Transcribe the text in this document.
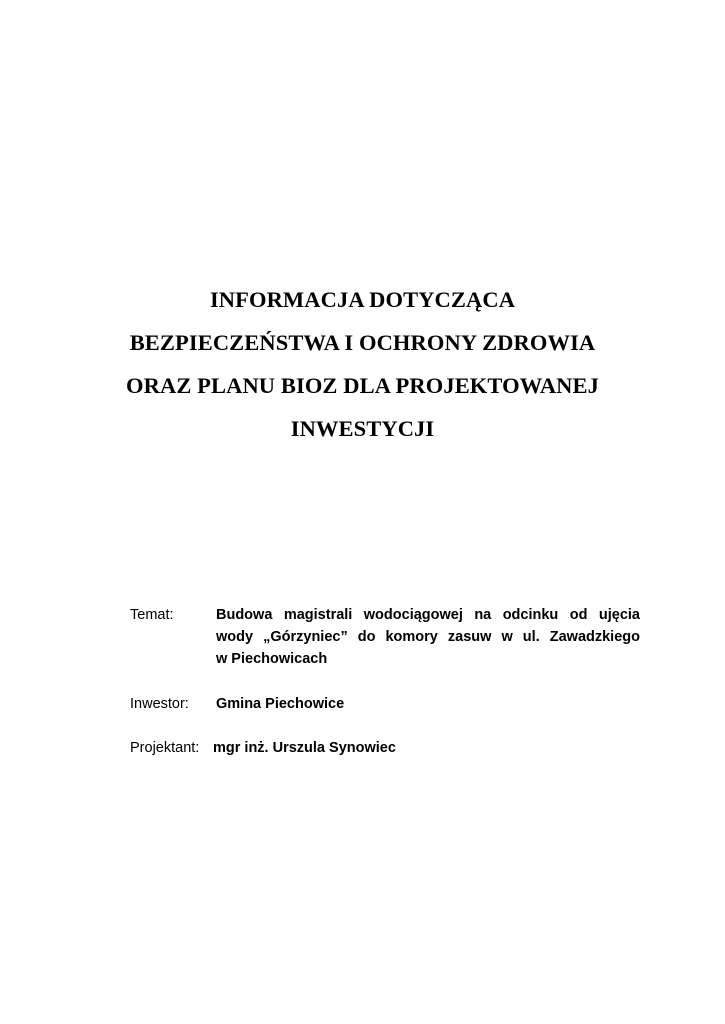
INFORMACJA DOTYCZĄCA
BEZPIECZEŃSTWA I OCHRONY ZDROWIA
ORAZ PLANU BIOZ DLA PROJEKTOWANEJ
INWESTYCJI
Temat:	Budowa magistrali wodociągowej na odcinku od ujęcia
wody „Górzyniec” do komory zasuw w ul. Zawadzkiego
w Piechowicach
Inwestor: Gmina Piechowice
Projektant: mgr inż. Urszula Synowiec
